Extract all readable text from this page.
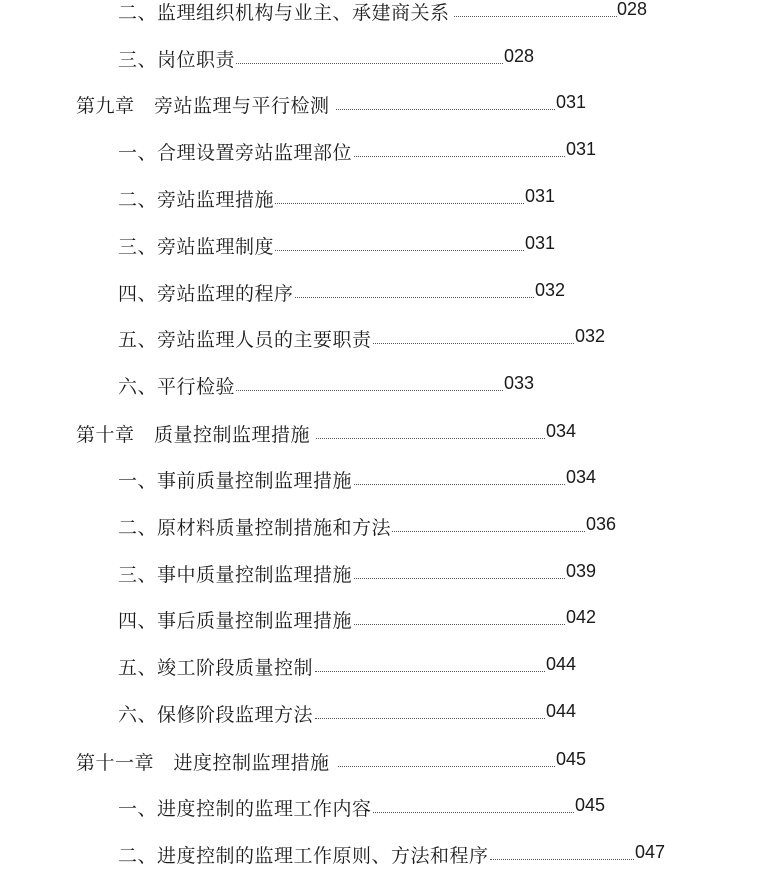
二、监理组织机构与业主、承建商关系	028
三、岗位职责	028
第九章　旁站监理与平行检测	031
一、合理设置旁站监理部位	031
二、旁站监理措施	031
三、旁站监理制度	031
四、旁站监理的程序	032
五、旁站监理人员的主要职责	032
六、平行检验	033
第十章　质量控制监理措施	034
一、事前质量控制监理措施	034
二、原材料质量控制措施和方法	036
三、事中质量控制监理措施	039
四、事后质量控制监理措施	042
五、竣工阶段质量控制	044
六、保修阶段监理方法	044
第十一章　进度控制监理措施	045
一、进度控制的监理工作内容	045
二、进度控制的监理工作原则、方法和程序	047
